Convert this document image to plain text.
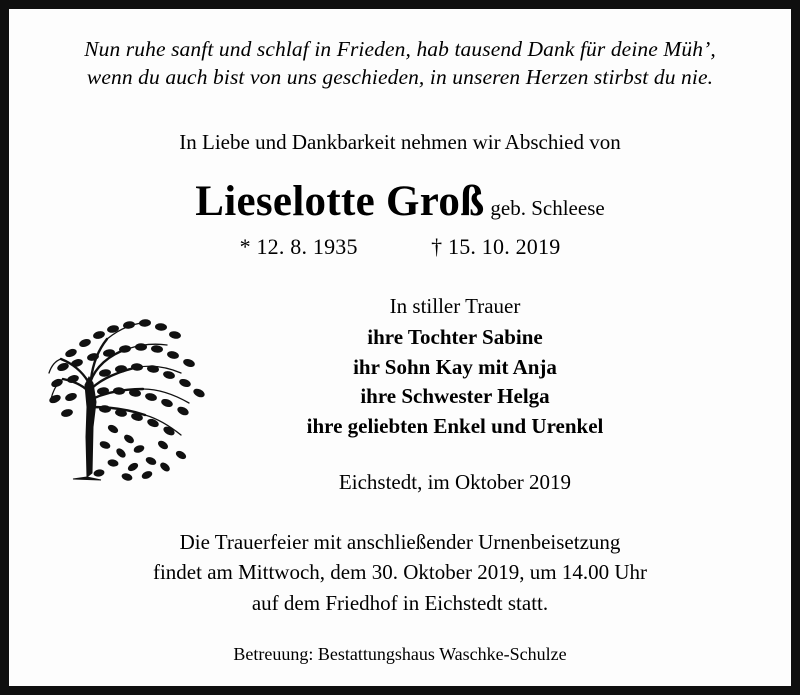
Nun ruhe sanft und schlaf in Frieden, hab tausend Dank für deine Müh’,
wenn du auch bist von uns geschieden, in unseren Herzen stirbst du nie.
In Liebe und Dankbarkeit nehmen wir Abschied von
Lieselotte Groß geb. Schleese
* 12. 8. 1935	† 15. 10. 2019
In stiller Trauer
ihre Tochter Sabine
ihr Sohn Kay mit Anja
ihre Schwester Helga
ihre geliebten Enkel und Urenkel
Eichstedt, im Oktober 2019
Die Trauerfeier mit anschließender Urnenbeisetzung
findet am Mittwoch, dem 30. Oktober 2019, um 14.00 Uhr
auf dem Friedhof in Eichstedt statt.
Betreuung: Bestattungshaus Waschke-Schulze
